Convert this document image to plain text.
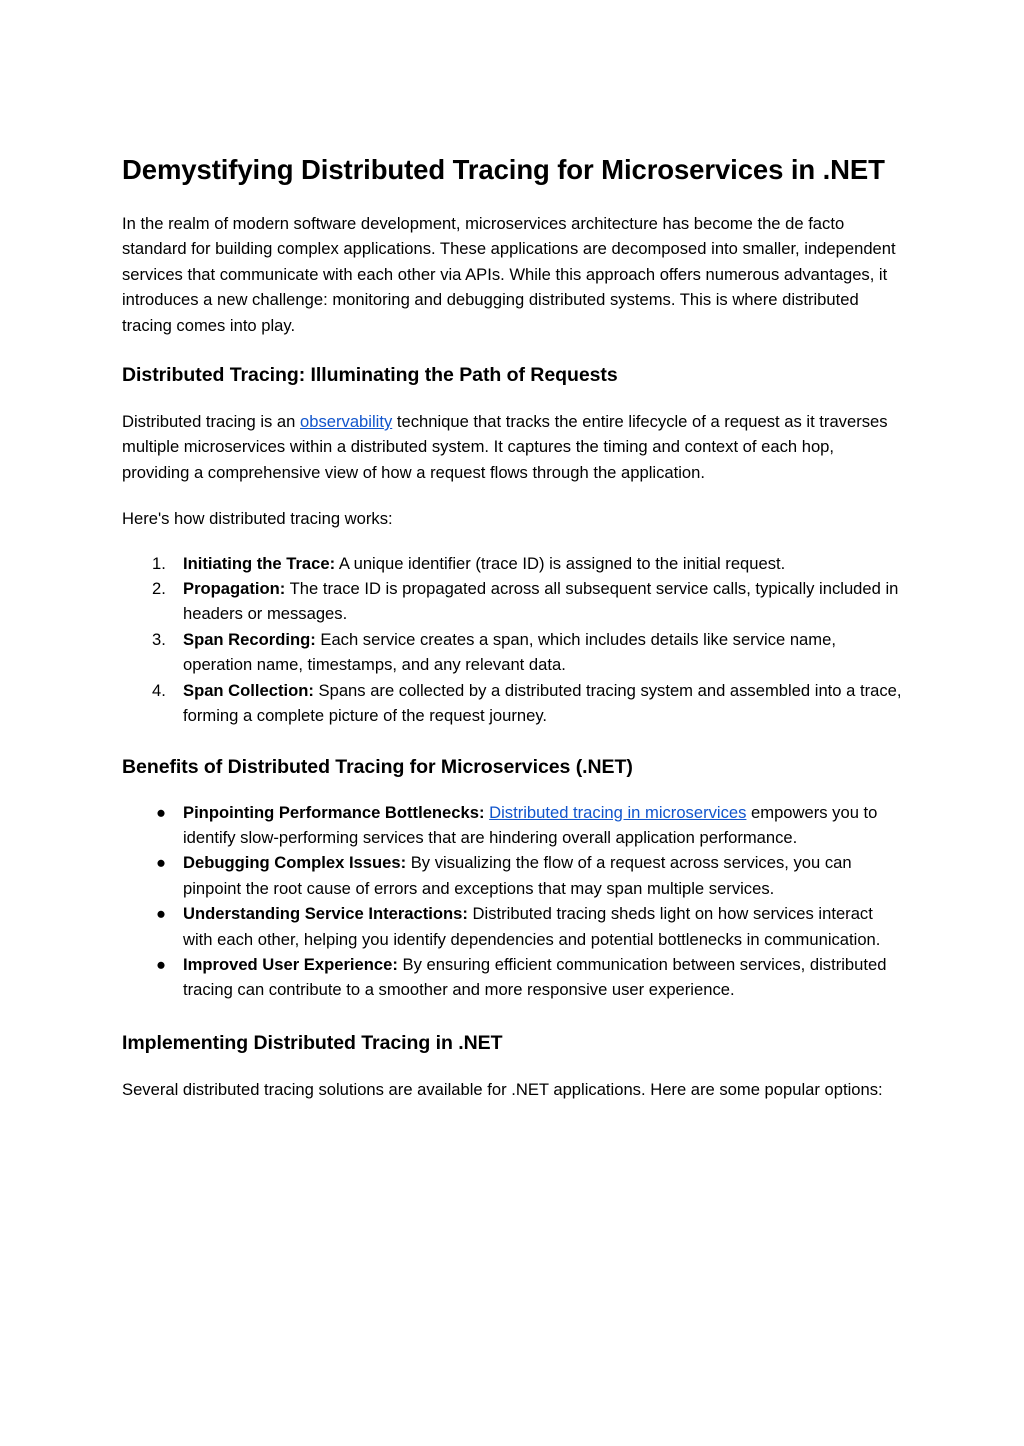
Demystifying Distributed Tracing for Microservices in .NET

In the realm of modern software development, microservices architecture has become the de facto standard for building complex applications. These applications are decomposed into smaller, independent services that communicate with each other via APIs. While this approach offers numerous advantages, it introduces a new challenge: monitoring and debugging distributed systems. This is where distributed tracing comes into play.

Distributed Tracing: Illuminating the Path of Requests

Distributed tracing is an observability technique that tracks the entire lifecycle of a request as it traverses multiple microservices within a distributed system. It captures the timing and context of each hop, providing a comprehensive view of how a request flows through the application.

Here's how distributed tracing works:

1.	Initiating the Trace: A unique identifier (trace ID) is assigned to the initial request.
2.	Propagation: The trace ID is propagated across all subsequent service calls, typically included in headers or messages.
3.	Span Recording: Each service creates a span, which includes details like service name, operation name, timestamps, and any relevant data.
4.	Span Collection: Spans are collected by a distributed tracing system and assembled into a trace, forming a complete picture of the request journey.
Benefits of Distributed Tracing for Microservices (.NET)
● Pinpointing Performance Bottlenecks: Distributed tracing in microservices empowers you to identify slow-performing services that are hindering overall application performance.
● Debugging Complex Issues: By visualizing the flow of a request across services, you can pinpoint the root cause of errors and exceptions that may span multiple services.
● Understanding Service Interactions: Distributed tracing sheds light on how services interact with each other, helping you identify dependencies and potential bottlenecks in communication.
● Improved User Experience: By ensuring efficient communication between services, distributed tracing can contribute to a smoother and more responsive user experience.
Implementing Distributed Tracing in .NET

Several distributed tracing solutions are available for .NET applications. Here are some popular options:
